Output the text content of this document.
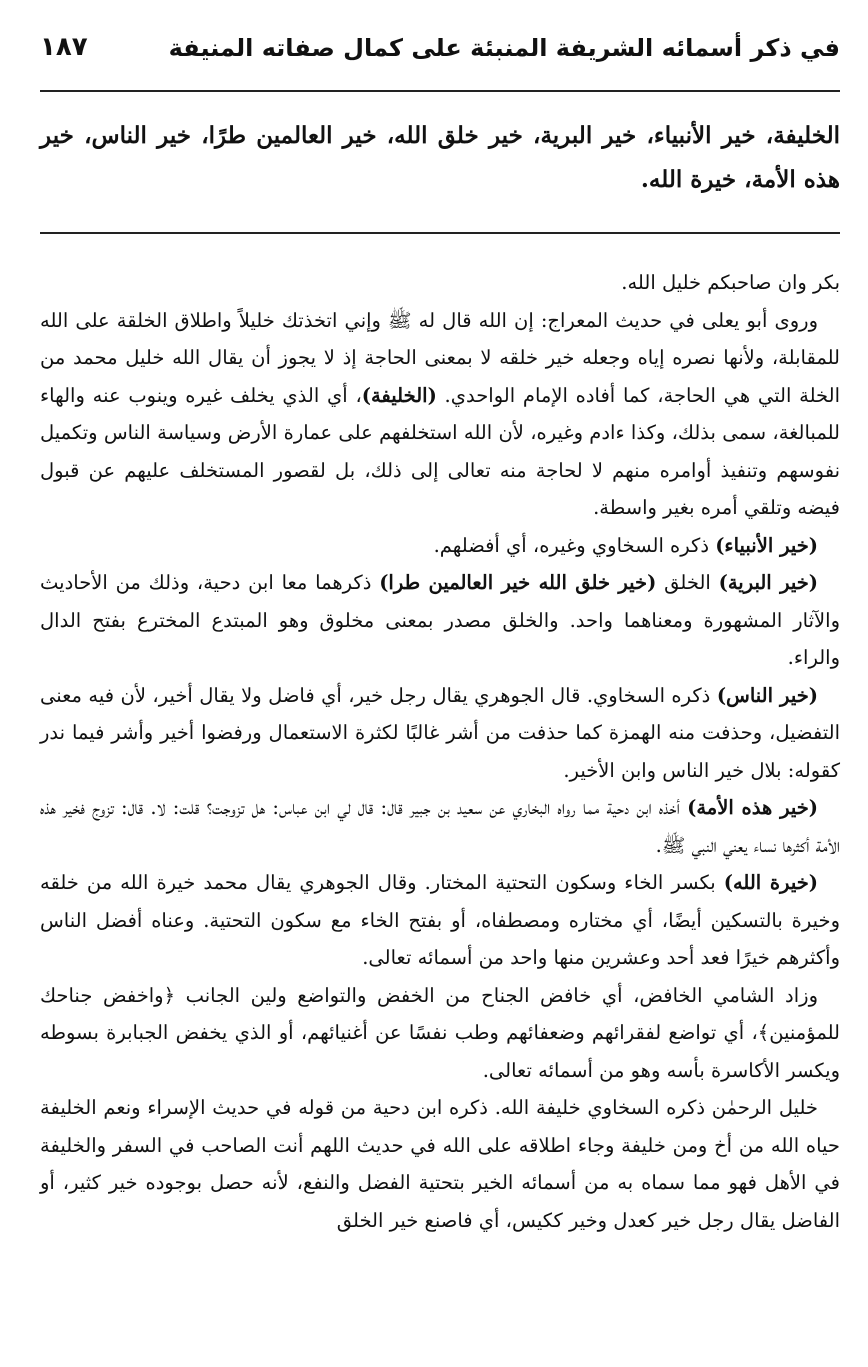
في ذكر أسمائه الشريفة المنبئة على كمال صفاته المنيفة
١٨٧
الخليفة، خير الأنبياء، خير البرية، خير خلق الله، خير العالمين طرًا، خير الناس، خير هذه الأمة، خيرة الله.

بكر وان صاحبكم خليل الله.

وروى أبو يعلى في حديث المعراج: إن الله قال له ﷺ وإني اتخذتك خليلاً واطلاق الخلقة على الله للمقابلة، ولأنها نصره إياه وجعله خير خلقه لا بمعنى الحاجة إذ لا يجوز أن يقال الله خليل محمد من الخلة التي هي الحاجة، كما أفاده الإمام الواحدي. (الخليفة)، أي الذي يخلف غيره وينوب عنه والهاء للمبالغة، سمى بذلك، وكذا ءادم وغيره، لأن الله استخلفهم على عمارة الأرض وسياسة الناس وتكميل نفوسهم وتنفيذ أوامره منهم لا لحاجة منه تعالى إلى ذلك، بل لقصور المستخلف عليهم عن قبول فيضه وتلقي أمره بغير واسطة.

(خير الأنبياء) ذكره السخاوي وغيره، أي أفضلهم.

(خير البرية) الخلق (خير خلق الله خير العالمين طرا) ذكرهما معا ابن دحية، وذلك من الأحاديث والآثار المشهورة ومعناهما واحد. والخلق مصدر بمعنى مخلوق وهو المبتدع المخترع بفتح الدال والراء.

(خير الناس) ذكره السخاوي. قال الجوهري يقال رجل خير، أي فاضل ولا يقال أخير، لأن فيه معنى التفضيل، وحذفت منه الهمزة كما حذفت من أشر غالبًا لكثرة الاستعمال ورفضوا أخير وأشر فيما ندر كقوله: بلال خير الناس وابن الأخير.

(خير هذه الأمة) أخذه ابن دحية مما رواه البخاري عن سعيد بن جبير قال: قال لي ابن عباس: هل تزوجت؟ قلت: لا. قال: تزوج فخير هذه الأمة أكثرها نساء يعني النبي ﷺ.

(خيرة الله) بكسر الخاء وسكون التحتية المختار. وقال الجوهري يقال محمد خيرة الله من خلقه وخيرة بالتسكين أيضًا، أي مختاره ومصطفاه، أو بفتح الخاء مع سكون التحتية. وعناه أفضل الناس وأكثرهم خيرًا فعد أحد وعشرين منها واحد من أسمائه تعالى.

وزاد الشامي الخافض، أي خافض الجناح من الخفض والتواضع ولين الجانب ﴿واخفض جناحك للمؤمنين﴾، أي تواضع لفقرائهم وضعفائهم وطب نفسًا عن أغنيائهم، أو الذي يخفض الجبابرة بسوطه ويكسر الأكاسرة بأسه وهو من أسمائه تعالى.

خليل الرحمٰن ذكره السخاوي خليفة الله. ذكره ابن دحية من قوله في حديث الإسراء ونعم الخليفة حياه الله من أخ ومن خليفة وجاء اطلاقه على الله في حديث اللهم أنت الصاحب في السفر والخليفة في الأهل فهو مما سماه به من أسمائه الخير بتحتية الفضل والنفع، لأنه حصل بوجوده خير كثير، أو الفاضل يقال رجل خير كعدل وخير ككيس، أي فاصنع خير الخلق
